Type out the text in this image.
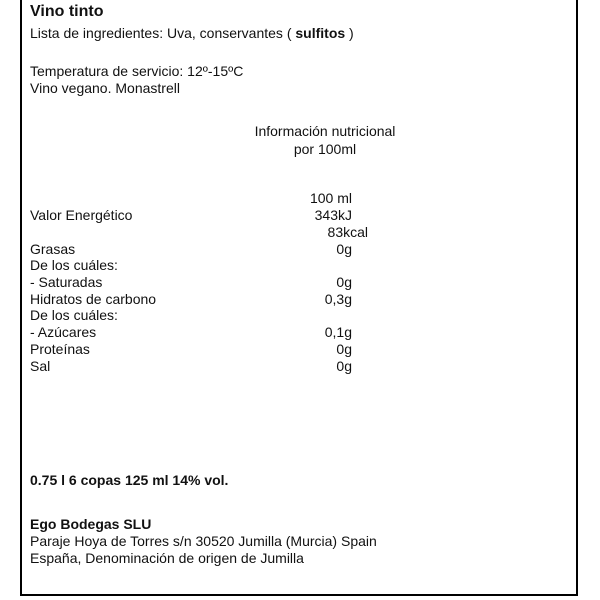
Vino tinto
Lista de ingredientes: Uva, conservantes ( sulfitos )
Temperatura de servicio: 12º-15ºC
Vino vegano. Monastrell
Información nutricional
por 100ml
100 ml
Valor Energético	343kJ
83kcal
Grasas	0g
De los cuáles:
- Saturadas	0g
Hidratos de carbono	0,3g
De los cuáles:
- Azúcares	0,1g
Proteínas	0g
Sal	0g
0.75 l 6 copas 125 ml 14% vol.
Ego Bodegas SLU
Paraje Hoya de Torres s/n 30520 Jumilla (Murcia) Spain
España, Denominación de origen de Jumilla
